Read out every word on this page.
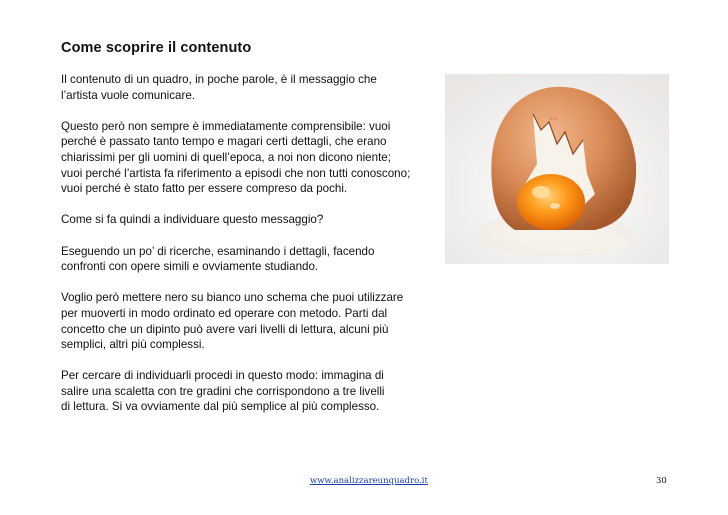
Come scoprire il contenuto

Il contenuto di un quadro, in poche parole, è il messaggio che
l’artista vuole comunicare.

Questo però non sempre è immediatamente comprensibile: vuoi
perché è passato tanto tempo e magari certi dettagli, che erano
chiarissimi per gli uomini di quell’epoca, a noi non dicono niente;
vuoi perché l’artista fa riferimento a episodi che non tutti conoscono;
vuoi perché è stato fatto per essere compreso da pochi.

Come si fa quindi a individuare questo messaggio?

Eseguendo un po’ di ricerche, esaminando i dettagli, facendo
confronti con opere simili e ovviamente studiando.

Voglio però mettere nero su bianco uno schema che puoi utilizzare
per muoverti in modo ordinato ed operare con metodo. Parti dal
concetto che un dipinto può avere vari livelli di lettura, alcuni più
semplici, altri più complessi.

Per cercare di individuarli procedi in questo modo: immagina di
salire una scaletta con tre gradini che corrispondono a tre livelli
di lettura. Si va ovviamente dal più semplice al più complesso.

≈≈
www.analizzareunquadro.it	30
